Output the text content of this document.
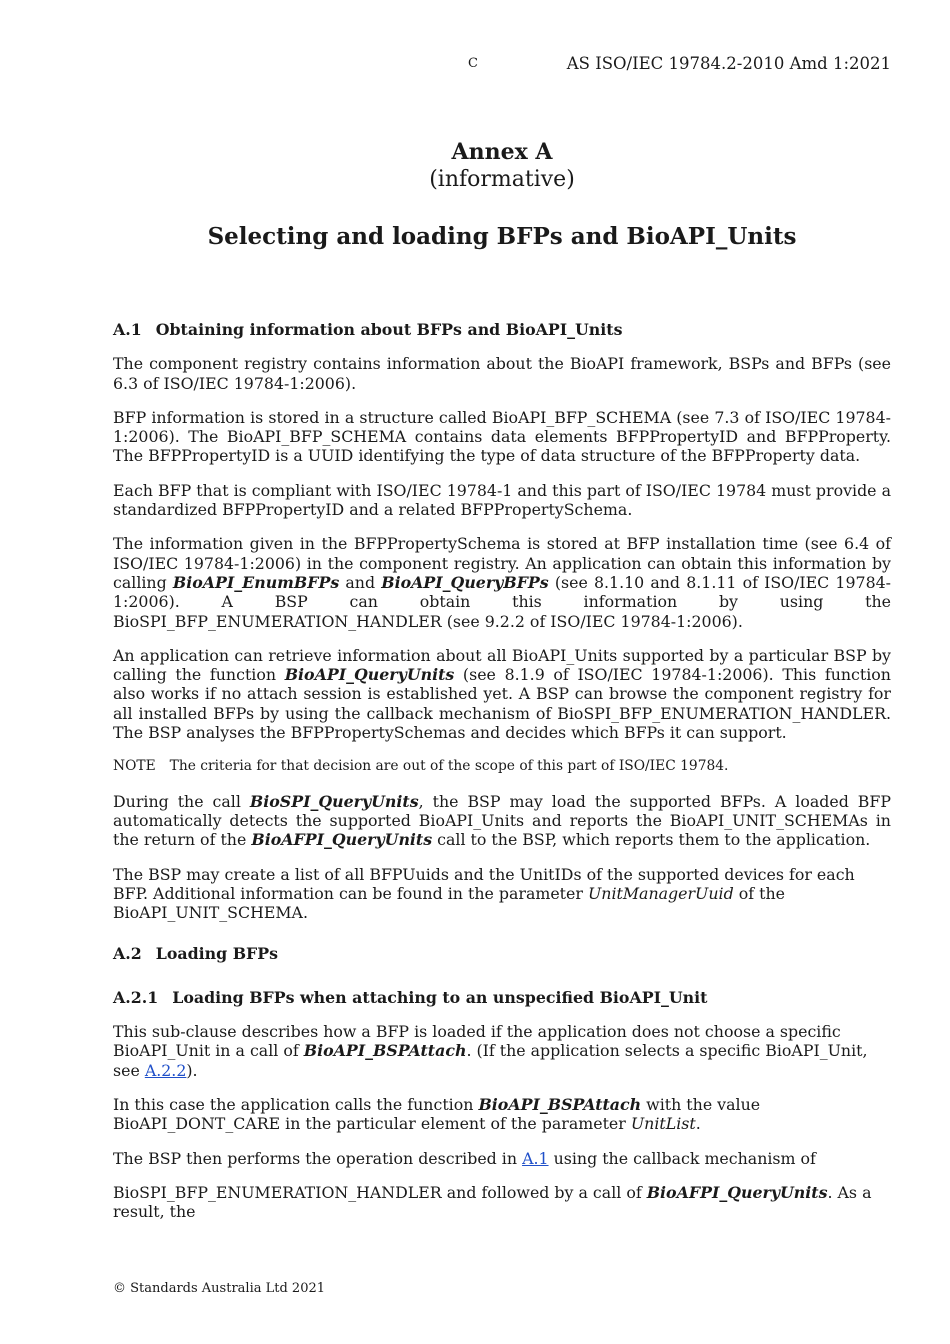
C	AS ISO/IEC 19784.2-2010 Amd 1:2021
Annex A
(informative)
Selecting and loading BFPs and BioAPI_Units
A.1 Obtaining information about BFPs and BioAPI_Units

The component registry contains information about the BioAPI framework, BSPs and BFPs (see 6.3 of ISO/IEC 19784-1:2006).

BFP information is stored in a structure called BioAPI_BFP_SCHEMA (see 7.3 of ISO/IEC 19784-1:2006). The BioAPI_BFP_SCHEMA contains data elements BFPPropertyID and BFPProperty. The BFPPropertyID is a UUID identifying the type of data structure of the BFPProperty data.

Each BFP that is compliant with ISO/IEC 19784-1 and this part of ISO/IEC 19784 must provide a standardized BFPPropertyID and a related BFPPropertySchema.

The information given in the BFPPropertySchema is stored at BFP installation time (see 6.4 of ISO/IEC 19784-1:2006) in the component registry. An application can obtain this information by calling BioAPI_EnumBFPs and BioAPI_QueryBFPs (see 8.1.10 and 8.1.11 of ISO/IEC 19784-1:2006). A BSP can obtain this information by using the BioSPI_BFP_ENUMERATION_HANDLER (see 9.2.2 of ISO/IEC 19784-1:2006).

An application can retrieve information about all BioAPI_Units supported by a particular BSP by calling the function BioAPI_QueryUnits (see 8.1.9 of ISO/IEC 19784-1:2006). This function also works if no attach session is established yet. A BSP can browse the component registry for all installed BFPs by using the callback mechanism of BioSPI_BFP_ENUMERATION_HANDLER. The BSP analyses the BFPPropertySchemas and decides which BFPs it can support.

NOTE The criteria for that decision are out of the scope of this part of ISO/IEC 19784.

During the call BioSPI_QueryUnits, the BSP may load the supported BFPs. A loaded BFP automatically detects the supported BioAPI_Units and reports the BioAPI_UNIT_SCHEMAs in the return of the BioAFPI_QueryUnits call to the BSP, which reports them to the application.

The BSP may create a list of all BFPUuids and the UnitIDs of the supported devices for each BFP. Additional information can be found in the parameter UnitManagerUuid of the BioAPI_UNIT_SCHEMA.

A.2 Loading BFPs
A.2.1 Loading BFPs when attaching to an unspecified BioAPI_Unit

This sub-clause describes how a BFP is loaded if the application does not choose a specific BioAPI_Unit in a call of BioAPI_BSPAttach. (If the application selects a specific BioAPI_Unit, see A.2.2).

In this case the application calls the function BioAPI_BSPAttach with the value BioAPI_DONT_CARE in the particular element of the parameter UnitList.

The BSP then performs the operation described in A.1 using the callback mechanism of

BioSPI_BFP_ENUMERATION_HANDLER and followed by a call of BioAFPI_QueryUnits. As a result, the

© Standards Australia Ltd 2021
